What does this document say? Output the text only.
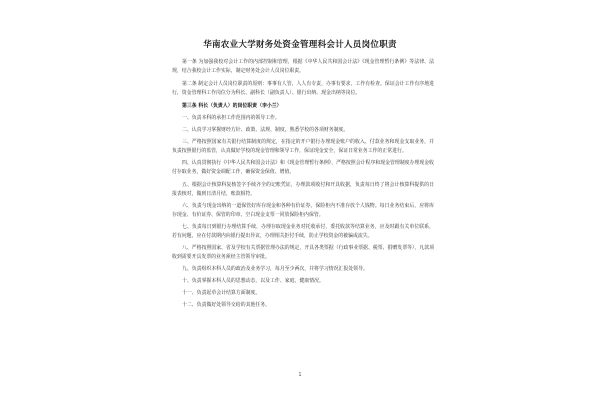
华南农业大学财务处资金管理科会计人员岗位职责

第一条 为加强我校对会计工作的内部控制和管理，根据《中华人民共和国会计法》《现金管理暂行条例》等法律、法规，结合我校会计工作实际，制定财务处会计人员岗位职责。

第二条 制定会计人员岗位职责的原则：事事有人管，人人有专责，办事有要求，工作有检查。保证会计工作有序地进行，资金管理科工作岗位分为科长、副科长（副负责人）、银行出纳、现金出纳等岗位。

第三条 科长（负责人）的岗位职责（李小兰）

一、负责本科的承担工作范围内的领导工作。

二、认真学习掌握财经方针、政策、法规、制度，熟悉学校的各项财务制度。

三、严格按照国家有关银行结算制度的规定，在指定的开户银行办理现金账户的收入、付款业务和现金支取业务，并负责按照银行的监管，认真做好学校的现金管理和领导工作，保证现金安全，保证日常业务工作的正常进行。

四、认真贯彻执行《中华人民共和国会计法》和《现金管理暂行条例》，严格按照会计程序和现金管理制度办理现金收付存取业务，做好资金调配工作，确保资金保值、增值。

五、根据会计核算科复核签字手续齐全的记账凭证，办理款项收付和开具收据，负责每日终了将会计核算科提供的日报表核对，做到日清月结，账款相符。

六、负责与现金出纳的一道保管好库存现金和各种有价证券。保险柜内不准存放个人钱物。每日业务结束后，应将库存现金、有价证券、保管的印章、空白现金支票一同放保险柜内保管。

七、负责每日到银行办理结算手续，办理存取现金业务对托收承付，委托收款等结算业务，应及时跟有关单位联系，若有问题，应在付款期内向银行提出异议，办理相关拒付手续，防止学校资金的被骗或流失。

八、严格按照国家、省及学校有关票据管理办法的规定，开具各类票据（行政事业票据、税票、捐赠发票等），凡款项收到需要开具发票的业务须经主管领导审批。

九、负责组织本科人员的政治及业务学习，每月至少两次，并将学习情况汇报处领导。

十、负责掌握本科人员的思想动态，以及工作、家庭、健康情况。

十一、负责起草会计结算方面制度。

十二、负责做好处领导交给的其他任务。

1
